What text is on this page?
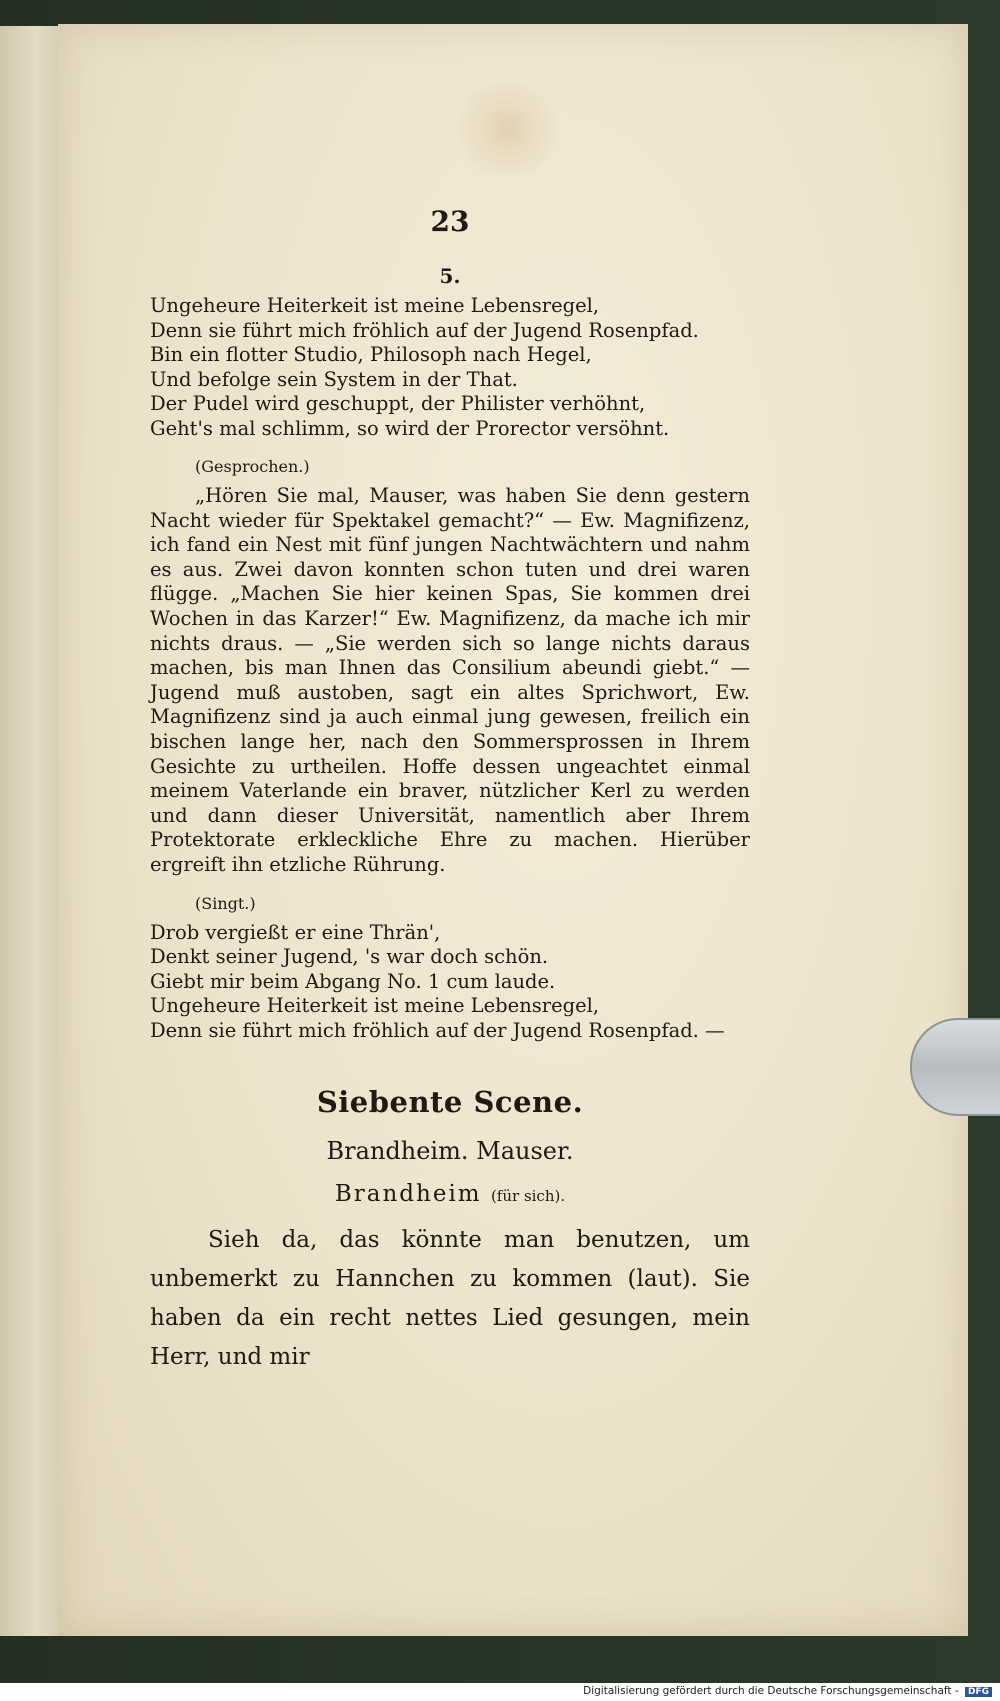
23
5.

Ungeheure Heiterkeit ist meine Lebensregel,

Denn sie führt mich fröhlich auf der Jugend Rosenpfad.

Bin ein flotter Studio, Philosoph nach Hegel,

Und befolge sein System in der That.

Der Pudel wird geschuppt, der Philister verhöhnt,

Geht's mal schlimm, so wird der Prorector versöhnt.

(Gesprochen.)

„Hören Sie mal, Mauser, was haben Sie denn gestern Nacht wieder für Spektakel gemacht?“ — Ew. Magnifizenz, ich fand ein Nest mit fünf jungen Nachtwächtern und nahm es aus. Zwei davon konnten schon tuten und drei waren flügge. „Machen Sie hier keinen Spas, Sie kommen drei Wochen in das Karzer!“ Ew. Magnifizenz, da mache ich mir nichts draus. — „Sie werden sich so lange nichts daraus machen, bis man Ihnen das Consilium abeundi giebt.“ — Jugend muß austoben, sagt ein altes Sprichwort, Ew. Magnifizenz sind ja auch einmal jung gewesen, freilich ein bischen lange her, nach den Sommersprossen in Ihrem Gesichte zu urtheilen. Hoffe dessen ungeachtet einmal meinem Vaterlande ein braver, nützlicher Kerl zu werden und dann dieser Universität, namentlich aber Ihrem Protektorate erkleckliche Ehre zu machen. Hierüber ergreift ihn etzliche Rührung.

(Singt.)

Drob vergießt er eine Thrän',

Denkt seiner Jugend, 's war doch schön.

Giebt mir beim Abgang No. 1 cum laude.

Ungeheure Heiterkeit ist meine Lebensregel,

Denn sie führt mich fröhlich auf der Jugend Rosenpfad. —

Siebente Scene.
Brandheim. Mauser.
Brandheim (für sich).

Sieh da, das könnte man benutzen, um unbemerkt zu Hannchen zu kommen (laut). Sie haben da ein recht nettes Lied gesungen, mein Herr, und mir

Digitalisierung gefördert durch die Deutsche Forschungsgemeinschaft - DFG
